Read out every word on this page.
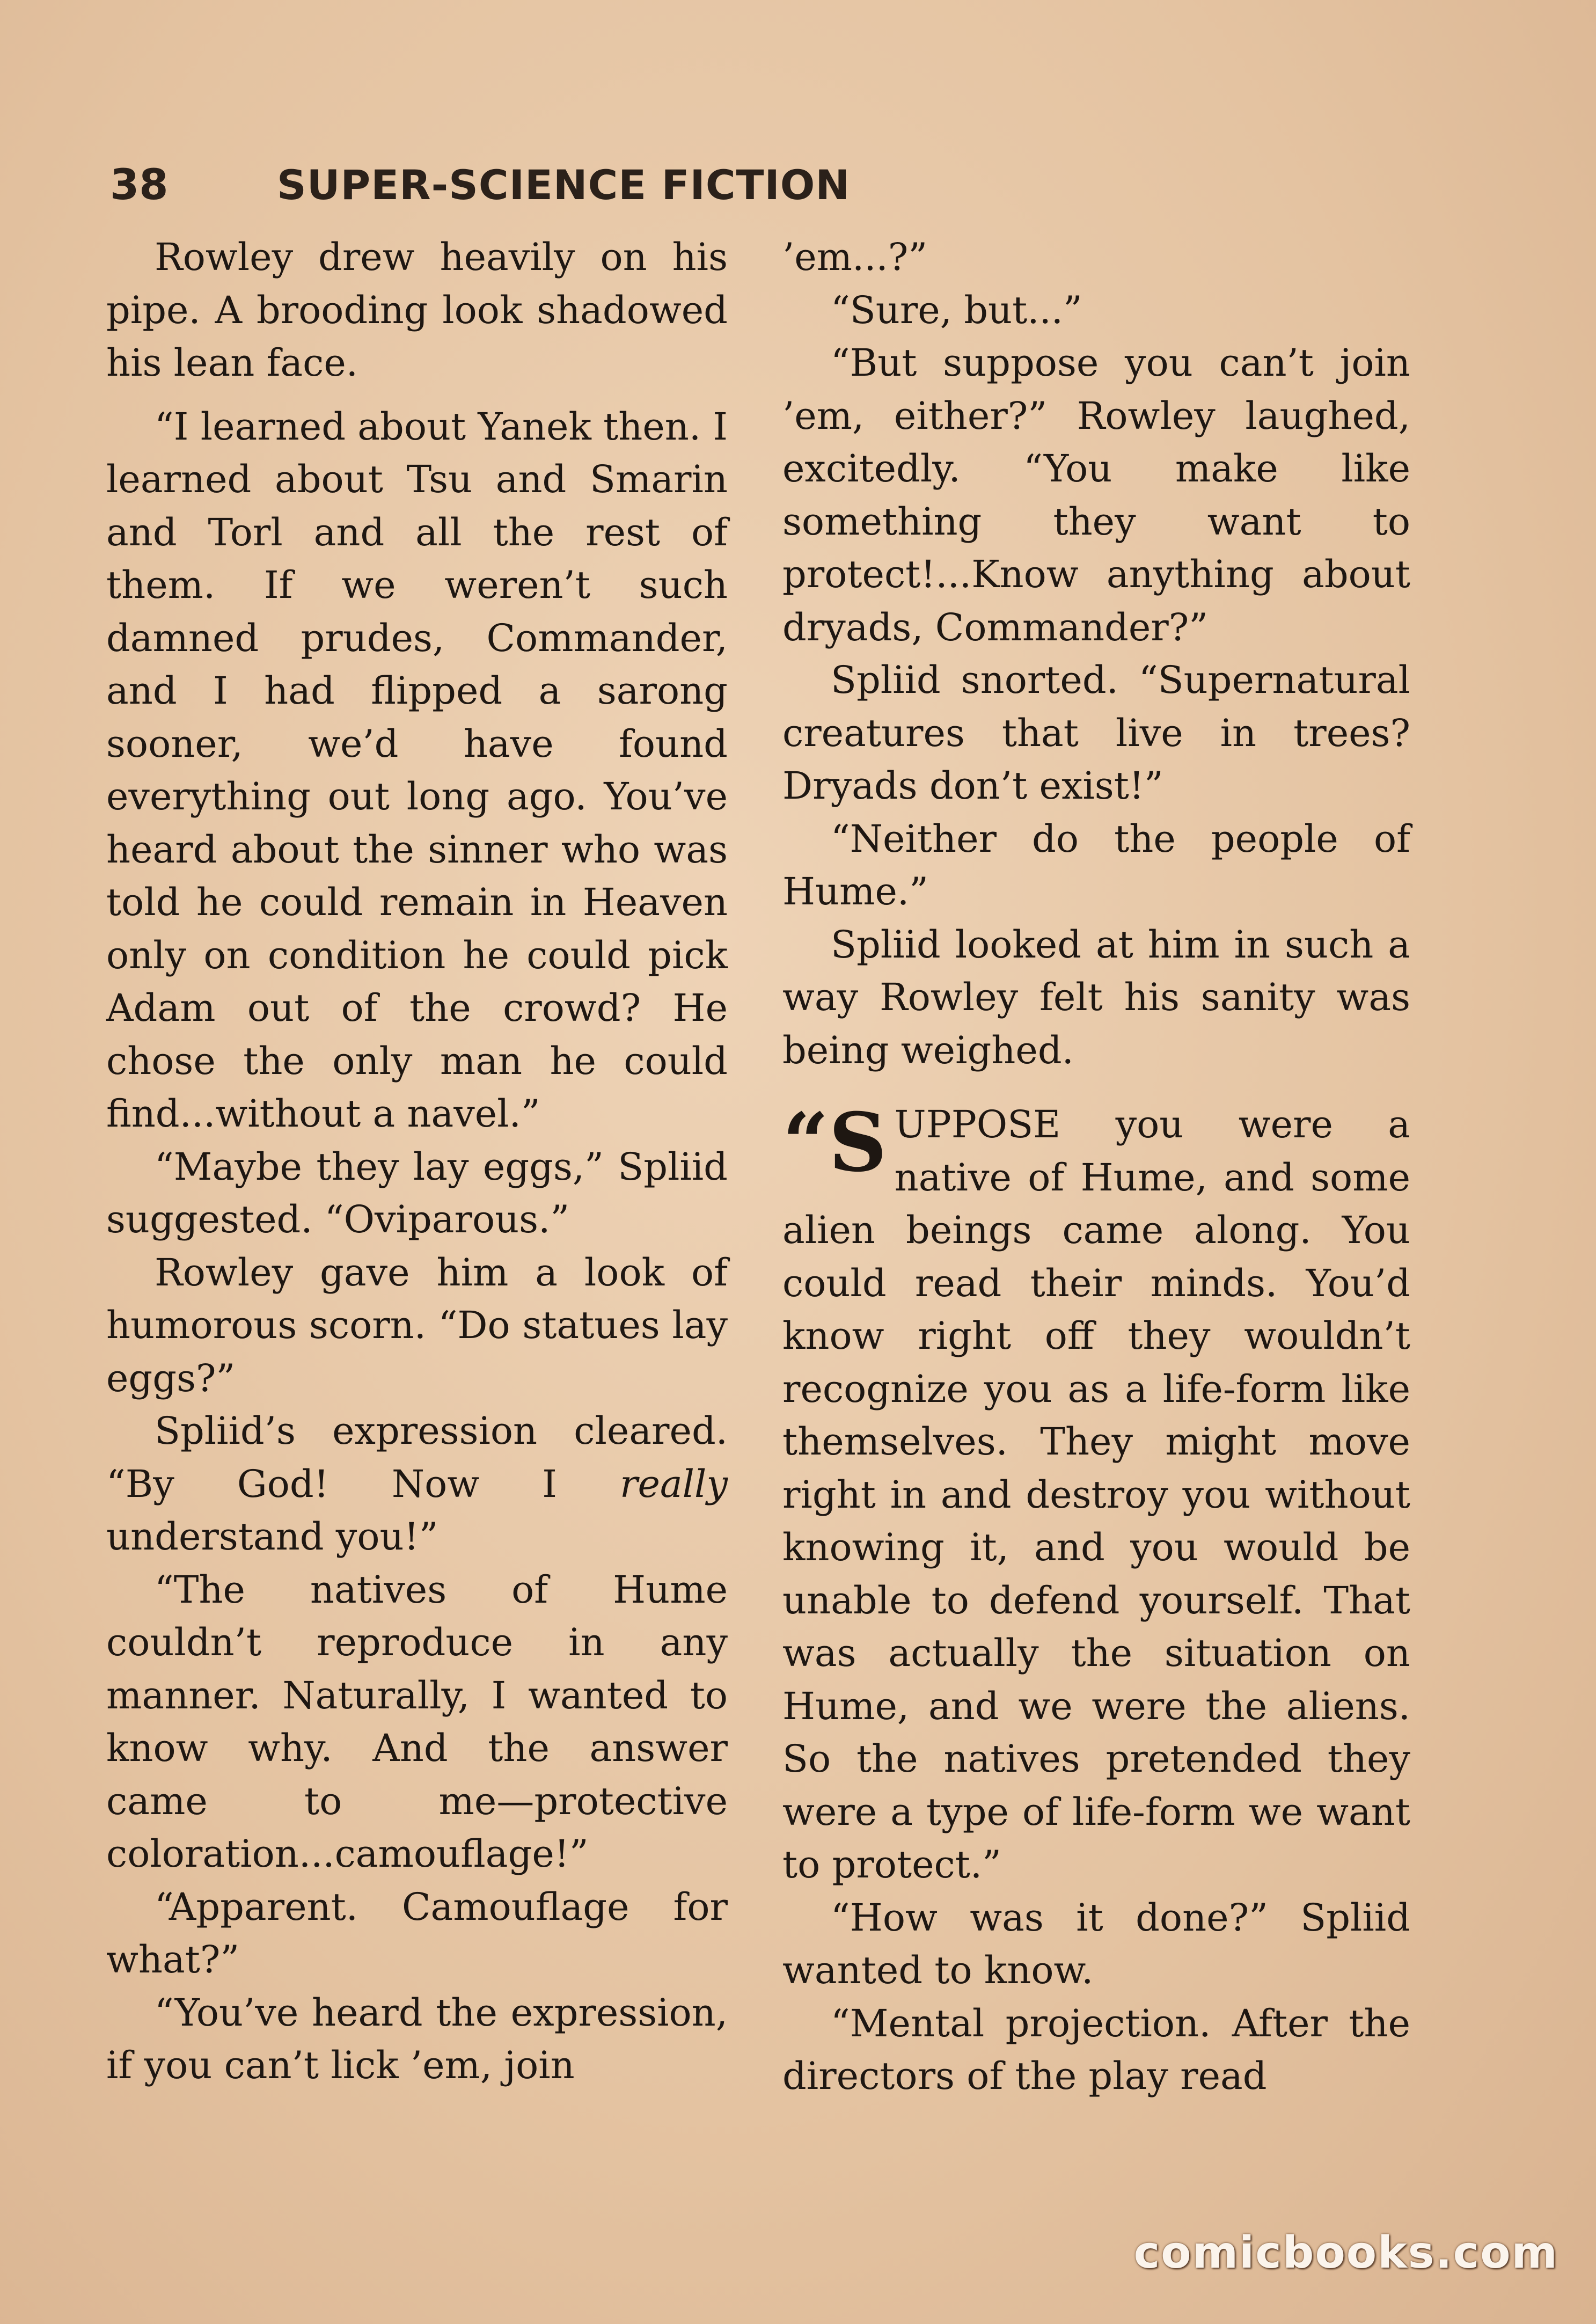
38	SUPER-SCIENCE FICTION

Rowley drew heavily on his pipe. A brooding look shadowed his lean face.

“I learned about Yanek then. I learned about Tsu and Smarin and Torl and all the rest of them. If we weren’t such damned prudes, Commander, and I had flipped a sarong sooner, we’d have found everything out long ago. You’ve heard about the sinner who was told he could remain in Heaven only on condition he could pick Adam out of the crowd? He chose the only man he could find...without a navel.”

“Maybe they lay eggs,” Spliid suggested. “Oviparous.”

Rowley gave him a look of humorous scorn. “Do statues lay eggs?”

Spliid’s expression cleared. “By God! Now I really understand you!”

“The natives of Hume couldn’t reproduce in any manner. Naturally, I wanted to know why. And the answer came to me—protective coloration...camouflage!”

“Apparent. Camouflage for what?”

“You’ve heard the expression, if you can’t lick ’em, join

’em...?”

“Sure, but...”

“But suppose you can’t join ’em, either?” Rowley laughed, excitedly. “You make like something they want to protect!...Know anything about dryads, Commander?”

Spliid snorted. “Supernatural creatures that live in trees? Dryads don’t exist!”

“Neither do the people of Hume.”

Spliid looked at him in such a way Rowley felt his sanity was being weighed.

“S UPPOSE you were a native of Hume, and some alien beings came along. You could read their minds. You’d know right off they wouldn’t recognize you as a life-form like themselves. They might move right in and destroy you without knowing it, and you would be unable to defend yourself. That was actually the situation on Hume, and we were the aliens. So the natives pretended they were a type of life-form we want to protect.”

“How was it done?” Spliid wanted to know.

“Mental projection. After the directors of the play read

comicbooks.com
